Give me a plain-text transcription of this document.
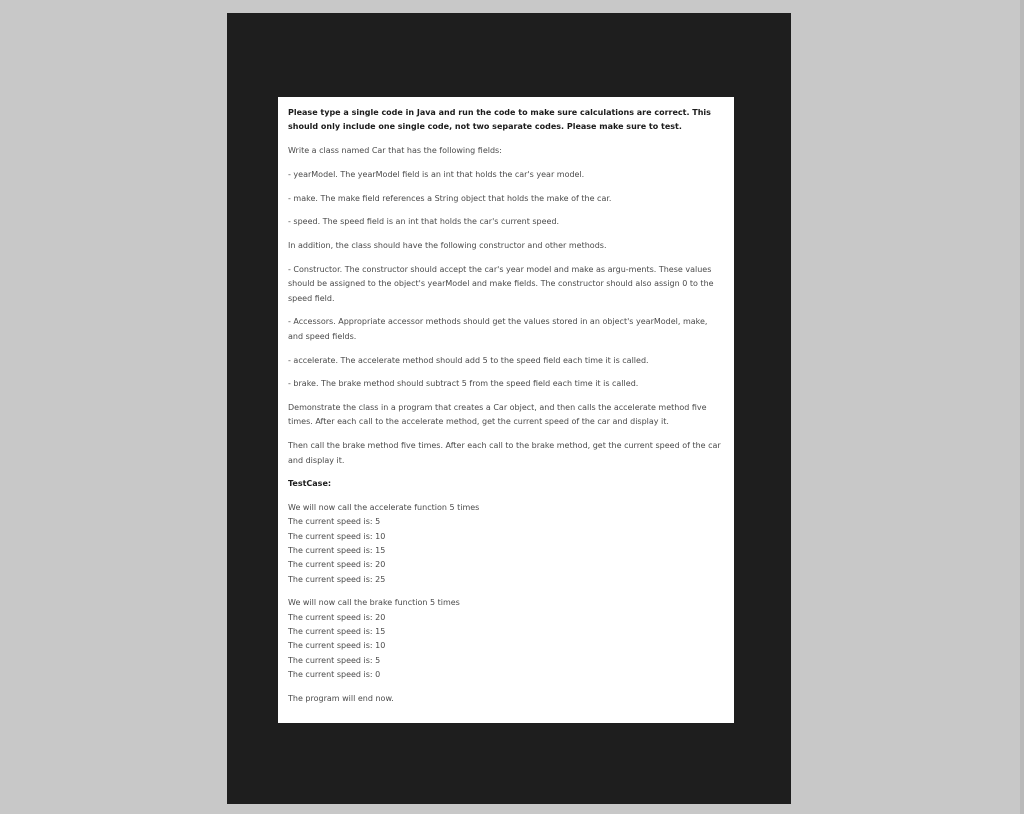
Please type a single code in Java and run the code to make sure calculations are correct. This should only include one single code, not two separate codes. Please make sure to test.

Write a class named Car that has the following fields:

- yearModel. The yearModel field is an int that holds the car's year model.

- make. The make field references a String object that holds the make of the car.

- speed. The speed field is an int that holds the car's current speed.

In addition, the class should have the following constructor and other methods.

- Constructor. The constructor should accept the car's year model and make as argu-ments. These values should be assigned to the object's yearModel and make fields. The constructor should also assign 0 to the speed field.

- Accessors. Appropriate accessor methods should get the values stored in an object's yearModel, make, and speed fields.

- accelerate. The accelerate method should add 5 to the speed field each time it is called.

- brake. The brake method should subtract 5 from the speed field each time it is called.

Demonstrate the class in a program that creates a Car object, and then calls the accelerate method five times. After each call to the accelerate method, get the current speed of the car and display it.

Then call the brake method five times. After each call to the brake method, get the current speed of the car and display it.

TestCase:

We will now call the accelerate function 5 times
The current speed is: 5
The current speed is: 10
The current speed is: 15
The current speed is: 20
The current speed is: 25

We will now call the brake function 5 times
The current speed is: 20
The current speed is: 15
The current speed is: 10
The current speed is: 5
The current speed is: 0

The program will end now.
